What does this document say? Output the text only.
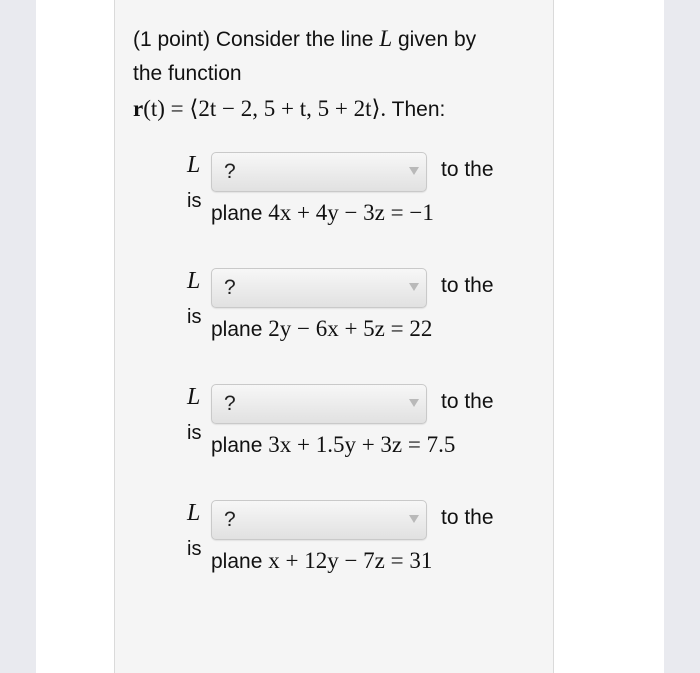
(1 point) Consider the line L given by
the function
r(t) = ⟨2t − 2, 5 + t, 5 + 2t⟩. Then:
L
is
?	to the
plane 4x + 4y − 3z = −1
L
is
?	to the
plane 2y − 6x + 5z = 22
L
is
?	to the
plane 3x + 1.5y + 3z = 7.5
L
is
?	to the
plane x + 12y − 7z = 31
